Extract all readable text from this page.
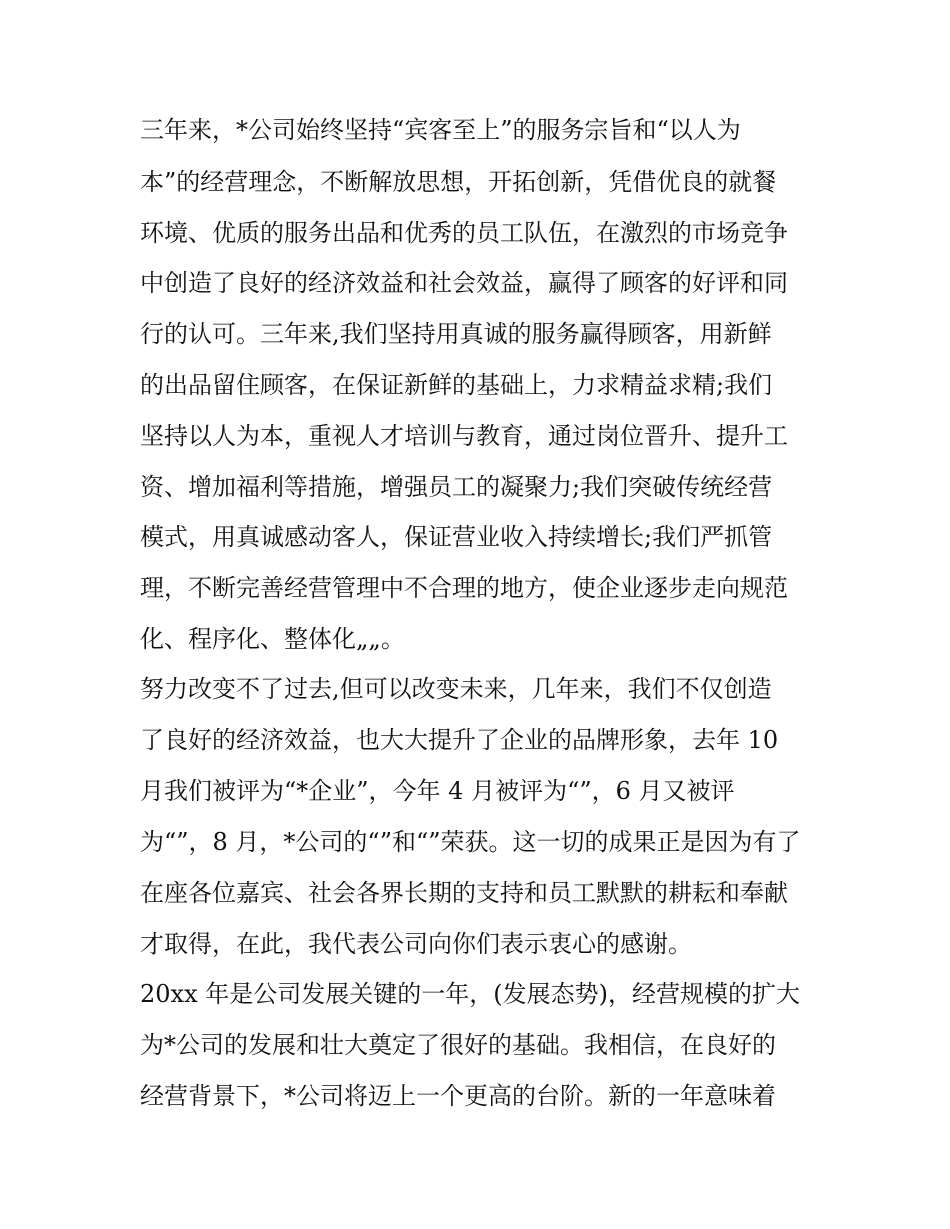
三年来，*公司始终坚持“宾客至上”的服务宗旨和“以人为
本”的经营理念，不断解放思想，开拓创新，凭借优良的就餐
环境、优质的服务出品和优秀的员工队伍，在激烈的市场竞争
中创造了良好的经济效益和社会效益，赢得了顾客的好评和同
行的认可。三年来,我们坚持用真诚的服务赢得顾客，用新鲜
的出品留住顾客，在保证新鲜的基础上，力求精益求精;我们
坚持以人为本，重视人才培训与教育，通过岗位晋升、提升工
资、增加福利等措施，增强员工的凝聚力;我们突破传统经营
模式，用真诚感动客人，保证营业收入持续增长;我们严抓管
理，不断完善经营管理中不合理的地方，使企业逐步走向规范
化、程序化、整体化„„。
努力改变不了过去,但可以改变未来，几年来，我们不仅创造
了良好的经济效益，也大大提升了企业的品牌形象，去年 10
月我们被评为“*企业”，今年 4 月被评为“”，6 月又被评
为“”，8 月，*公司的“”和“”荣获。这一切的成果正是因为有了
在座各位嘉宾、社会各界长期的支持和员工默默的耕耘和奉献
才取得，在此，我代表公司向你们表示衷心的感谢。
20xx 年是公司发展关键的一年，(发展态势)，经营规模的扩大
为*公司的发展和壮大奠定了很好的基础。我相信，在良好的
经营背景下，*公司将迈上一个更高的台阶。新的一年意味着
